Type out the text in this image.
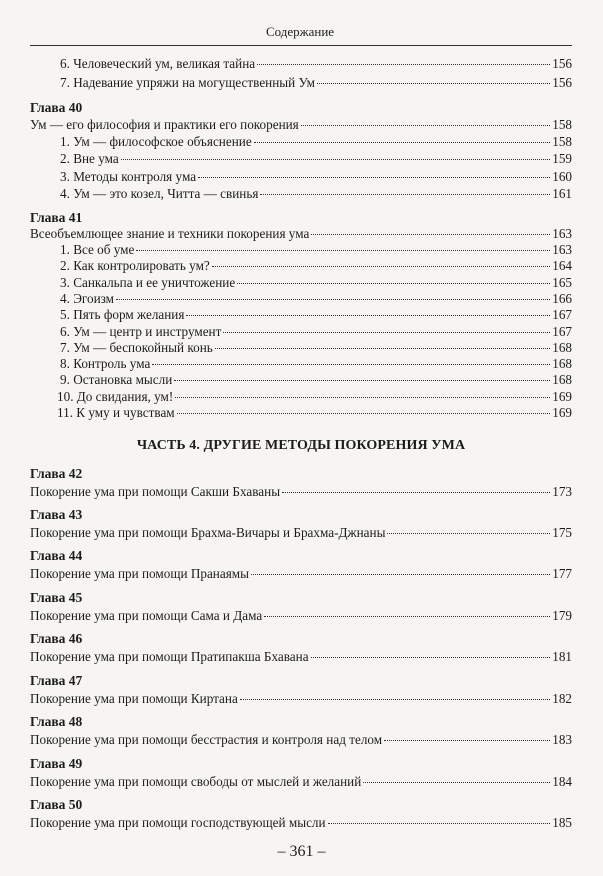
Содержание
6. Человеческий ум, великая тайна	156
7. Надевание упряжи на могущественный Ум	156
Глава 40
Ум — его философия и практики его покорения	158
1. Ум — философское объяснение	158
2. Вне ума	159
3. Методы контроля ума	160
4. Ум — это козел, Читта — свинья	161
Глава 41
Всеобъемлющее знание и техники покорения ума	163
1. Все об уме	163
2. Как контролировать ум?	164
3. Санкальпа и ее уничтожение	165
4. Эгоизм	166
5. Пять форм желания	167
6. Ум — центр и инструмент	167
7. Ум — беспокойный конь	168
8. Контроль ума	168
9. Остановка мысли	168
10. До свидания, ум!	169
11. К уму и чувствам	169
ЧАСТЬ 4. ДРУГИЕ МЕТОДЫ ПОКОРЕНИЯ УМА
Глава 42
Покорение ума при помощи Сакши Бхаваны	173
Глава 43
Покорение ума при помощи Брахма-Вичары и Брахма-Джнаны	175
Глава 44
Покорение ума при помощи Пранаямы	177
Глава 45
Покорение ума при помощи Сама и Дама	179
Глава 46
Покорение ума при помощи Пратипакша Бхавана	181
Глава 47
Покорение ума при помощи Киртана	182
Глава 48
Покорение ума при помощи бесстрастия и контроля над телом	183
Глава 49
Покорение ума при помощи свободы от мыслей и желаний	184
Глава 50
Покорение ума при помощи господствующей мысли	185
– 361 –
